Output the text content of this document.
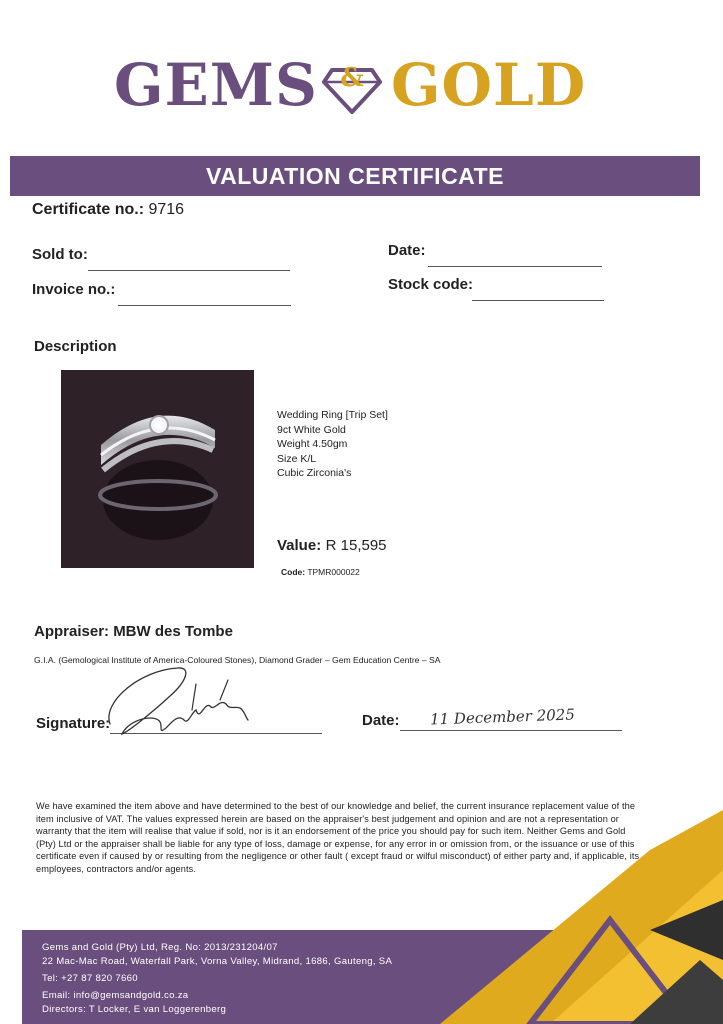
GEMS & GOLD
VALUATION CERTIFICATE
Certificate no.: 9716
Sold to:	Date:
Invoice no.:	Stock code:
Description
Wedding Ring [Trip Set]
9ct White Gold
Weight 4.50gm
Size K/L
Cubic Zirconia's
Value: R 15,595
Code: TPMR000022
Appraiser: MBW des Tombe
G.I.A. (Gemological Institute of America-Coloured Stones), Diamond Grader – Gem Education Centre – SA
Signature:	Date: 11 December 2025
We have examined the item above and have determined to the best of our knowledge and belief, the current insurance replacement value of the item inclusive of VAT. The values expressed herein are based on the appraiser's best judgement and opinion and are not a representation or warranty that the item will realise that value if sold, nor is it an endorsement of the price you should pay for such item. Neither Gems and Gold (Pty) Ltd or the appraiser shall be liable for any type of loss, damage or expense, for any error in or omission from, or the issuance or use of this certificate even if caused by or resulting from the negligence or other fault ( except fraud or wilful misconduct) of either party and, if applicable, its employees, contractors and/or agents.
Gems and Gold (Pty) Ltd, Reg. No: 2013/231204/07
22 Mac-Mac Road, Waterfall Park, Vorna Valley, Midrand, 1686, Gauteng, SA
Tel: +27 87 820 7660
Email: info@gemsandgold.co.za
Directors: T Locker, E van Loggerenberg
